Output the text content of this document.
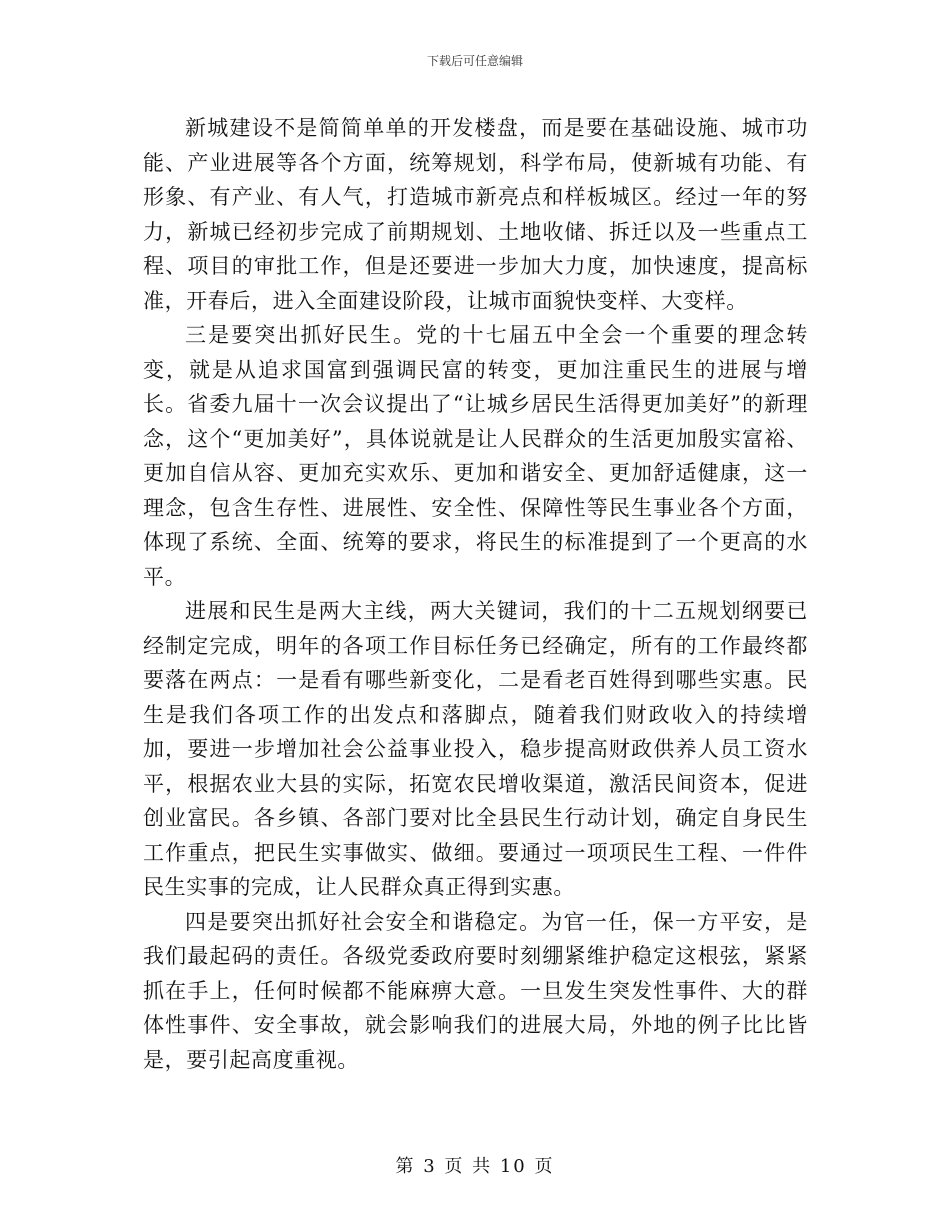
下载后可任意编辑

新城建设不是简简单单的开发楼盘，而是要在基础设施、城市功能、产业进展等各个方面，统筹规划，科学布局，使新城有功能、有形象、有产业、有人气，打造城市新亮点和样板城区。经过一年的努力，新城已经初步完成了前期规划、土地收储、拆迁以及一些重点工程、项目的审批工作，但是还要进一步加大力度，加快速度，提高标准，开春后，进入全面建设阶段，让城市面貌快变样、大变样。

三是要突出抓好民生。党的十七届五中全会一个重要的理念转变，就是从追求国富到强调民富的转变，更加注重民生的进展与增长。省委九届十一次会议提出了“让城乡居民生活得更加美好”的新理念，这个“更加美好”，具体说就是让人民群众的生活更加殷实富裕、更加自信从容、更加充实欢乐、更加和谐安全、更加舒适健康，这一理念，包含生存性、进展性、安全性、保障性等民生事业各个方面，体现了系统、全面、统筹的要求，将民生的标准提到了一个更高的水平。

进展和民生是两大主线，两大关键词，我们的十二五规划纲要已经制定完成，明年的各项工作目标任务已经确定，所有的工作最终都要落在两点：一是看有哪些新变化，二是看老百姓得到哪些实惠。民生是我们各项工作的出发点和落脚点，随着我们财政收入的持续增加，要进一步增加社会公益事业投入，稳步提高财政供养人员工资水平，根据农业大县的实际，拓宽农民增收渠道，激活民间资本，促进创业富民。各乡镇、各部门要对比全县民生行动计划，确定自身民生工作重点，把民生实事做实、做细。要通过一项项民生工程、一件件民生实事的完成，让人民群众真正得到实惠。

四是要突出抓好社会安全和谐稳定。为官一任，保一方平安，是我们最起码的责任。各级党委政府要时刻绷紧维护稳定这根弦，紧紧抓在手上，任何时候都不能麻痹大意。一旦发生突发性事件、大的群体性事件、安全事故，就会影响我们的进展大局，外地的例子比比皆是，要引起高度重视。

第 3 页 共 10 页
